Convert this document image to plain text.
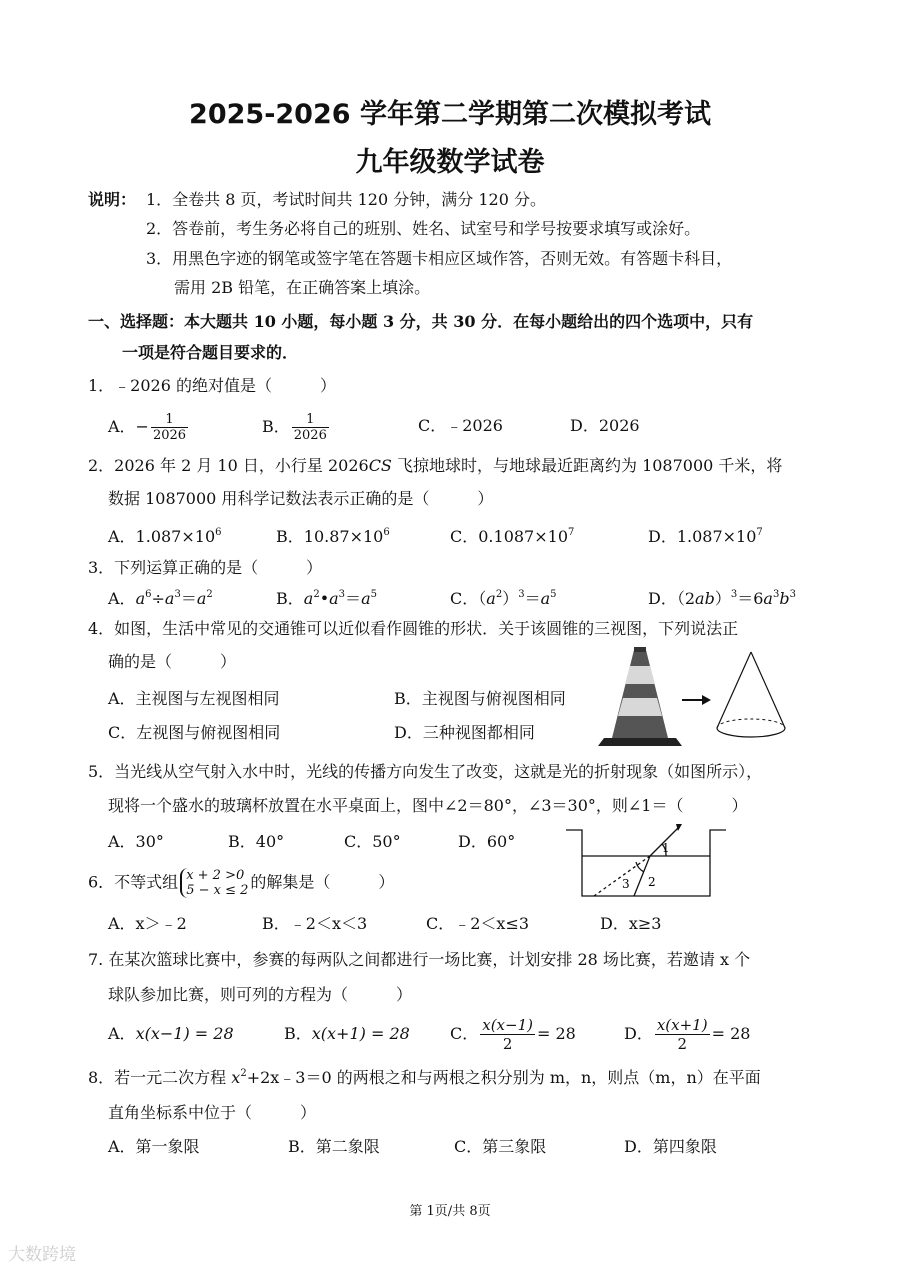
2025-2026 学年第二学期第二次模拟考试
九年级数学试卷
说明： 1．全卷共 8 页，考试时间共 120 分钟，满分 120 分。
2．答卷前，考生务必将自己的班别、姓名、试室号和学号按要求填写或涂好。
3．用黑色字迹的钢笔或签字笔在答题卡相应区域作答，否则无效。有答题卡科目，
需用 2B 铅笔，在正确答案上填涂。
一、选择题：本大题共 10 小题，每小题 3 分，共 30 分．在每小题给出的四个选项中，只有
一项是符合题目要求的．
1．﹣2026 的绝对值是（　　　）
A．− $\frac{1}{2026}$	B． $\frac{1}{2026}$	C．﹣2026	D．2026
2．2026 年 2 月 10 日，小行星 2026CS 飞掠地球时，与地球最近距离约为 1087000 千米，将
数据 1087000 用科学记数法表示正确的是（　　　）
A．$1.087\times 10^6$	B．$10.87\times 10^6$	C．$0.1087\times 10^7$	D．$1.087\times 10^7$
3．下列运算正确的是（　　　）
A．$a^6\div a^3=a^2$	B．$a^2•a^3=a^5$	C．$(a^2)^3=a^5$	D．$(2ab)^3=6a^3b^3$
4．如图，生活中常见的交通锥可以近似看作圆锥的形状．关于该圆锥的三视图，下列说法正
确的是（　　　）
A．主视图与左视图相同	B．主视图与俯视图相同
C．左视图与俯视图相同	D．三种视图都相同
5．当光线从空气射入水中时，光线的传播方向发生了改变，这就是光的折射现象（如图所示），
现将一个盛水的玻璃杯放置在水平桌面上，图中∠2＝80°，∠3＝30°，则∠1＝（　　　）
A．30°	B．40°	C．50°	D．60°	1
2
3
6．不等式组 x + 2 >0
5 − x ≤ 2 的解集是（　　　）
A．x＞﹣2	B．﹣2＜x＜3	C．﹣2＜x≤3	D．x≥3
7. 在某次篮球比赛中，参赛的每两队之间都进行一场比赛，计划安排 28 场比赛，若邀请 x 个
球队参加比赛，则可列的方程为（　　　）
A．x(x−1) = 28	B．x(x+1) = 28	C． $\frac{x(x-1)}{2} = 28$	D． $\frac{x(x+1)}{2} = 28$
8．若一元二次方程 $x^2+2x﹣3=0$ 的两根之和与两根之积分别为 m，n，则点（m，n）在平面
直角坐标系中位于（　　　）
A．第一象限	B．第二象限	C．第三象限	D．第四象限
第 1页/共 8页
大数跨境
